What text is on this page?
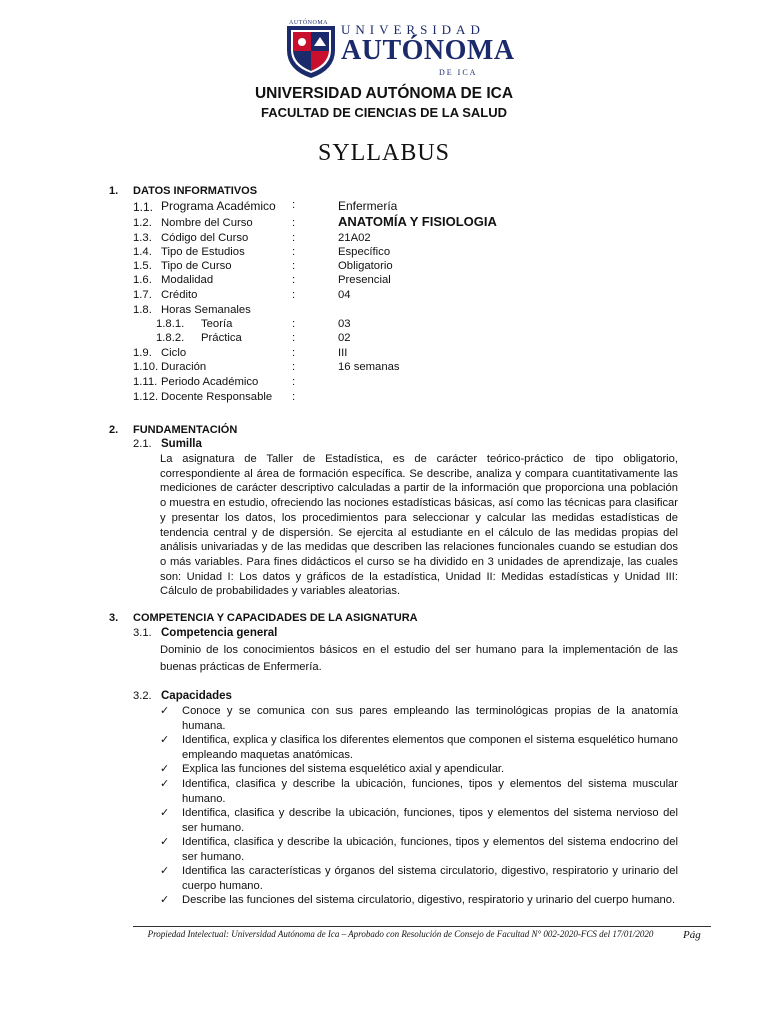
AUTÓNOMA UNIVERSIDAD
AUTÓNOMA
DE ICA
UNIVERSIDAD AUTÓNOMA DE ICA
FACULTAD DE CIENCIAS DE LA SALUD
SYLLABUS
1. DATOS INFORMATIVOS
1.1. Programa Académico :	Enfermería
1.2. Nombre del Curso	:	ANATOMÍA Y FISIOLOGIA
1.3. Código del Curso	:	21A02
1.4. Tipo de Estudios	:	Específico
1.5. Tipo de Curso	:	Obligatorio
1.6. Modalidad	:	Presencial
1.7. Crédito	:	04
1.8. Horas Semanales
1.8.1. Teoría	:	03
1.8.2. Práctica	:	02
1.9. Ciclo	:	III
1.10. Duración	:	16 semanas
1.11. Periodo Académico	:
1.12. Docente Responsable :
2. FUNDAMENTACIÓN
2.1. Sumilla
La asignatura de Taller de Estadística, es de carácter teórico-práctico de tipo obligatorio, correspondiente al área de formación específica. Se describe, analiza y compara cuantitativamente las mediciones de carácter descriptivo calculadas a partir de la información que proporciona una población o muestra en estudio, ofreciendo las nociones estadísticas básicas, así como las técnicas para clasificar y presentar los datos, los procedimientos para seleccionar y calcular las medidas estadísticas de tendencia central y de dispersión. Se ejercita al estudiante en el cálculo de las medidas propias del análisis univariadas y de las medidas que describen las relaciones funcionales cuando se estudian dos o más variables. Para fines didácticos el curso se ha dividido en 3 unidades de aprendizaje, las cuales son: Unidad I: Los datos y gráficos de la estadística, Unidad II: Medidas estadísticas y Unidad III: Cálculo de probabilidades y variables aleatorias.
3. COMPETENCIA Y CAPACIDADES DE LA ASIGNATURA
3.1. Competencia general
Dominio de los conocimientos básicos en el estudio del ser humano para la implementación de las buenas prácticas de Enfermería.
3.2. Capacidades
✓ Conoce y se comunica con sus pares empleando las terminológicas propias de la anatomía humana.
✓ Identifica, explica y clasifica los diferentes elementos que componen el sistema esquelético humano empleando maquetas anatómicas.
✓ Explica las funciones del sistema esquelético axial y apendicular.
✓ Identifica, clasifica y describe la ubicación, funciones, tipos y elementos del sistema muscular humano.
✓ Identifica, clasifica y describe la ubicación, funciones, tipos y elementos del sistema nervioso del ser humano.
✓ Identifica, clasifica y describe la ubicación, funciones, tipos y elementos del sistema endocrino del ser humano.
✓ Identifica las características y órganos del sistema circulatorio, digestivo, respiratorio y urinario del cuerpo humano.
✓ Describe las funciones del sistema circulatorio, digestivo, respiratorio y urinario del cuerpo humano.
Propiedad Intelectual: Universidad Autónoma de Ica – Aprobado con Resolución de Consejo de Facultad N° 002-2020-FCS del 17/01/2020	Pág
